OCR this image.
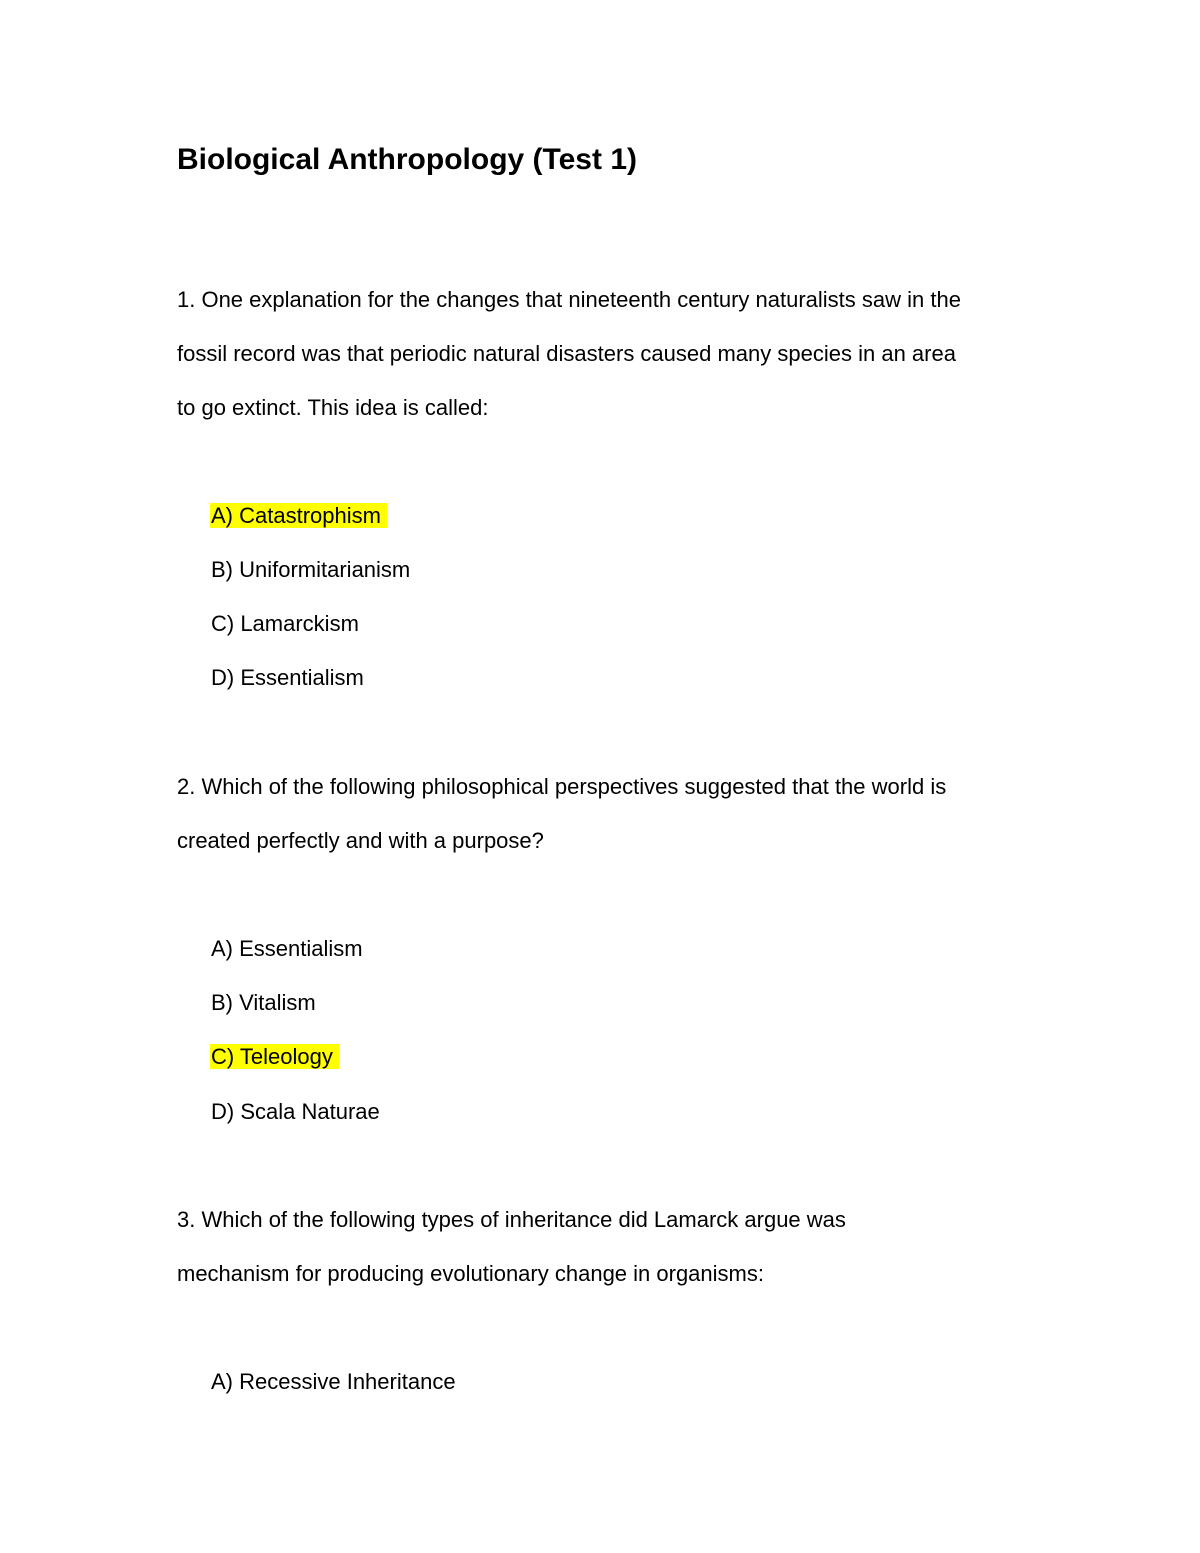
Biological Anthropology (Test 1)
1. One explanation for the changes that nineteenth century naturalists saw in the
fossil record was that periodic natural disasters caused many species in an area
to go extinct. This idea is called:
A) Catastrophism
B) Uniformitarianism
C) Lamarckism
D) Essentialism
2. Which of the following philosophical perspectives suggested that the world is
created perfectly and with a purpose?
A) Essentialism
B) Vitalism
C) Teleology
D) Scala Naturae
3. Which of the following types of inheritance did Lamarck argue was
mechanism for producing evolutionary change in organisms:
A) Recessive Inheritance
